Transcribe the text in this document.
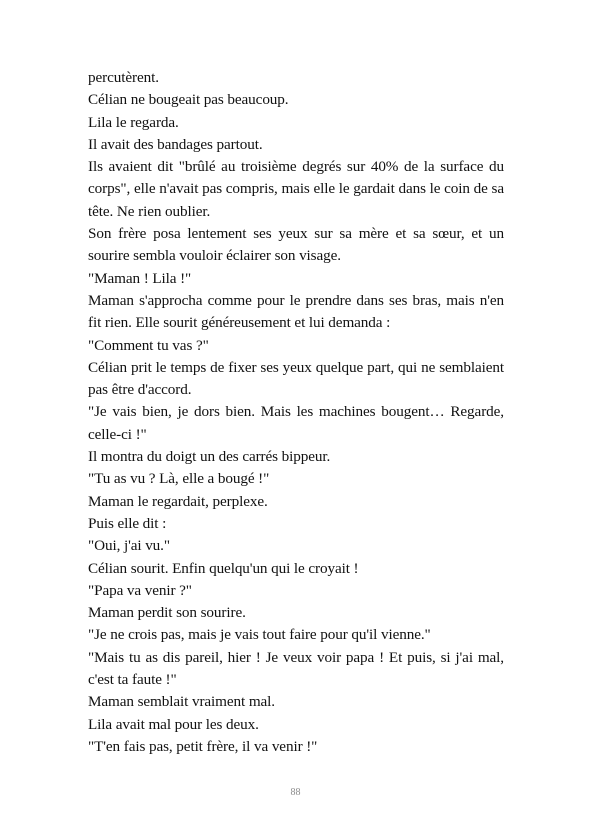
percutèrent.

Célian ne bougeait pas beaucoup.

Lila le regarda.

Il avait des bandages partout.

Ils avaient dit "brûlé au troisième degrés sur 40% de la surface du corps", elle n'avait pas compris, mais elle le gardait dans le coin de sa tête. Ne rien oublier.

Son frère posa lentement ses yeux sur sa mère et sa sœur, et un sourire sembla vouloir éclairer son visage.

"Maman ! Lila !"

Maman s'approcha comme pour le prendre dans ses bras, mais n'en fit rien. Elle sourit généreusement et lui demanda :

"Comment tu vas ?"

Célian prit le temps de fixer ses yeux quelque part, qui ne semblaient pas être d'accord.

"Je vais bien, je dors bien. Mais les machines bougent… Regarde, celle-ci !"

Il montra du doigt un des carrés bippeur.

"Tu as vu ? Là, elle a bougé !"

Maman le regardait, perplexe.

Puis elle dit :

"Oui, j'ai vu."

Célian sourit. Enfin quelqu'un qui le croyait !

"Papa va venir ?"

Maman perdit son sourire.

"Je ne crois pas, mais je vais tout faire pour qu'il vienne."

"Mais tu as dis pareil, hier ! Je veux voir papa ! Et puis, si j'ai mal, c'est ta faute !"

Maman semblait vraiment mal.

Lila avait mal pour les deux.

"T'en fais pas, petit frère, il va venir !"

88
